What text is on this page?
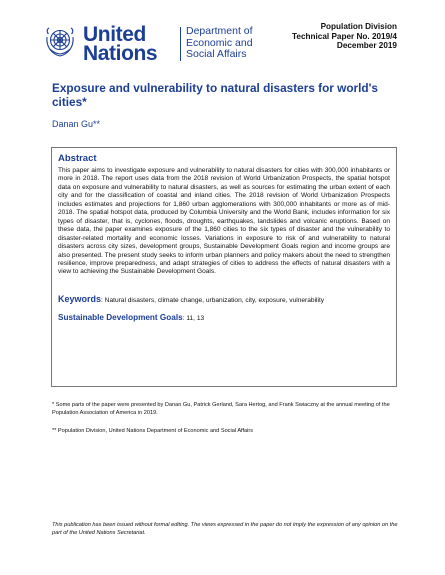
United
Nations
Department of
Economic and
Social Affairs
Population Division
Technical Paper No. 2019/4
December 2019
Exposure and vulnerability to natural disasters for world's cities*
Danan Gu**
Abstract
This paper aims to investigate exposure and vulnerability to natural disasters for cities with 300,000 inhabitants or more in 2018. The report uses data from the 2018 revision of World Urbanization Prospects, the spatial hotspot data on exposure and vulnerability to natural disasters, as well as sources for estimating the urban extent of each city and for the classification of coastal and inland cities. The 2018 revision of World Urbanization Prospects includes estimates and projections for 1,860 urban agglomerations with 300,000 inhabitants or more as of mid-2018. The spatial hotspot data, produced by Columbia University and the World Bank, includes information for six types of disaster, that is, cyclones, floods, droughts, earthquakes, landslides and volcanic eruptions. Based on these data, the paper examines exposure of the 1,860 cities to the six types of disaster and the vulnerability to disaster-related mortality and economic losses. Variations in exposure to risk of and vulnerability to natural disasters across city sizes, development groups, Sustainable Development Goals region and income groups are also presented. The present study seeks to inform urban planners and policy makers about the need to strengthen resilience, improve preparedness, and adapt strategies of cities to address the effects of natural disasters with a view to achieving the Sustainable Development Goals.
Keywords: Natural disasters, climate change, urbanization, city, exposure, vulnerability
Sustainable Development Goals: 11, 13
* Some parts of the paper were presented by Danan Gu, Patrick Gerland, Sara Hertog, and Frank Swiaczny at the annual meeting of the Population Association of America in 2019.
** Population Division, United Nations Department of Economic and Social Affairs
This publication has been issued without formal editing. The views expressed in the paper do not imply the expression of any opinion on the part of the United Nations Secretariat.
